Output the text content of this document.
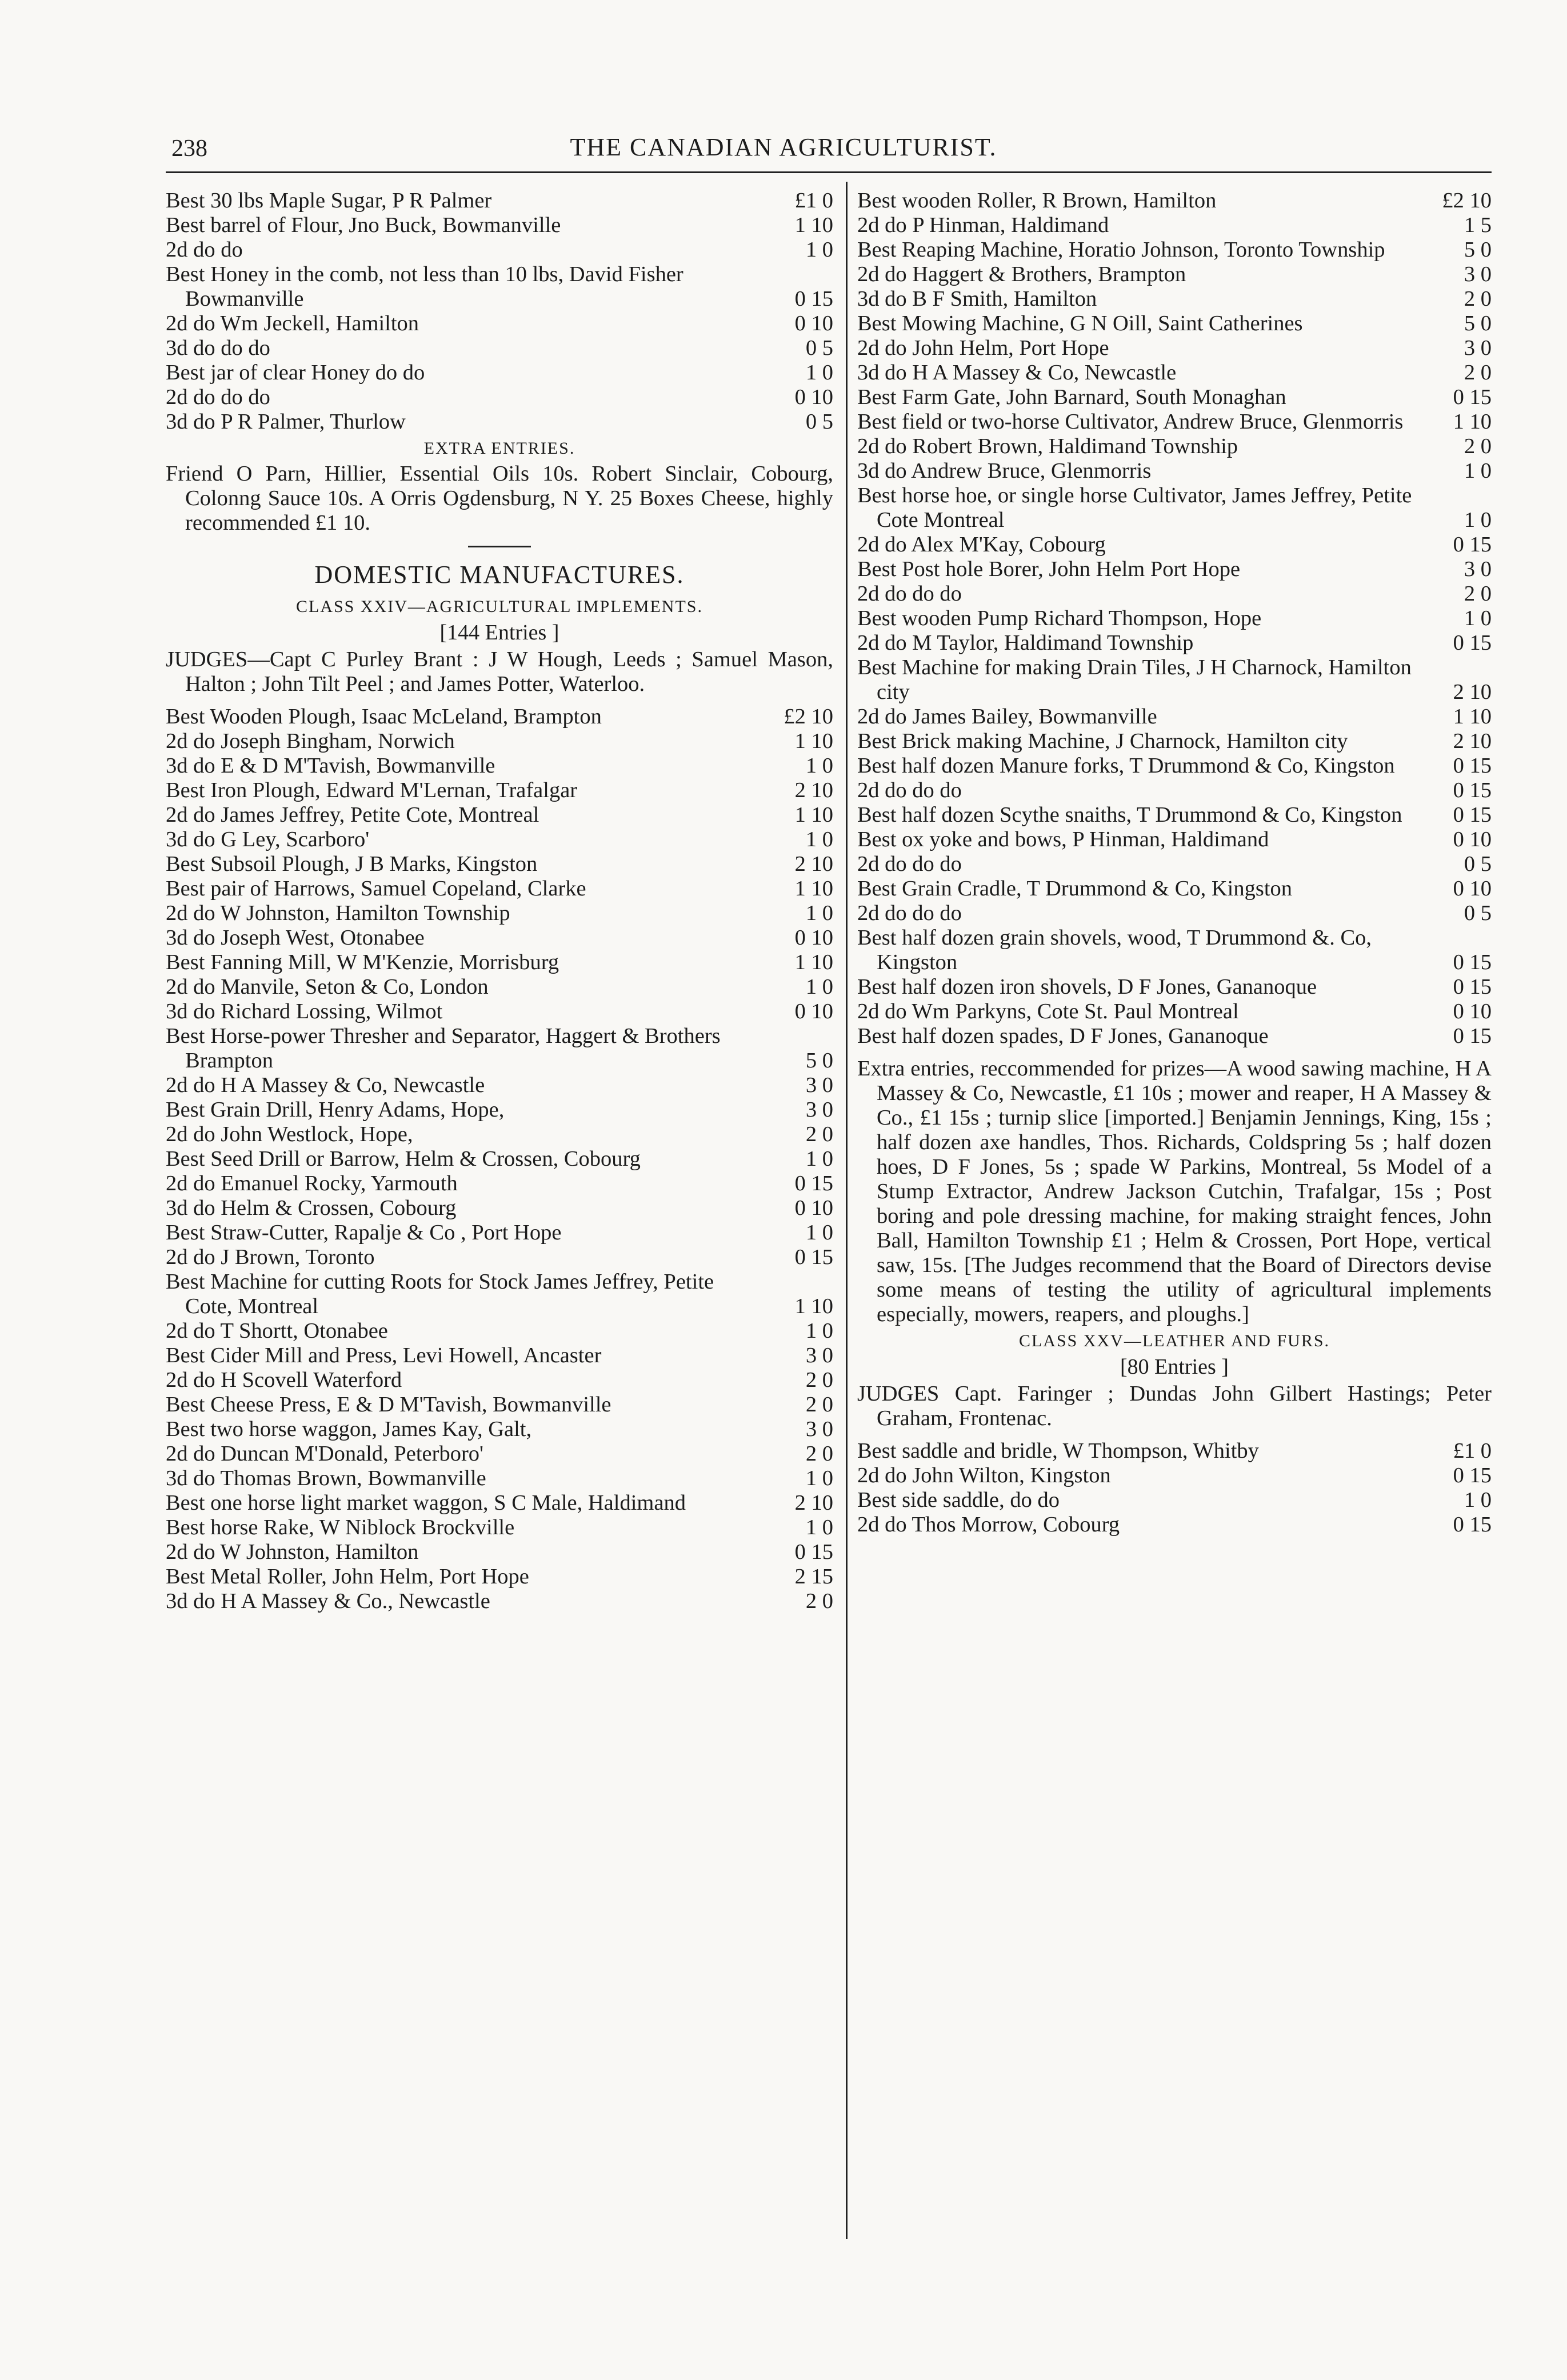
238	THE CANADIAN AGRICULTURIST.
Best 30 lbs Maple Sugar, P R Palmer	£1 0
Best barrel of Flour, Jno Buck, Bowmanville	1 10
2d do do	1 0
Best Honey in the comb, not less than 10 lbs, David Fisher Bowmanville	0 15
2d do Wm Jeckell, Hamilton	0 10
3d do do do	0 5
Best jar of clear Honey do do	1 0
2d do do do	0 10
3d do P R Palmer, Thurlow	0 5
EXTRA ENTRIES.
Friend O Parn, Hillier, Essential Oils 10s. Robert Sinclair, Cobourg, Colonng Sauce 10s. A Orris Ogdensburg, N Y. 25 Boxes Cheese, highly recommended £1 10.
DOMESTIC MANUFACTURES.
CLASS XXIV—AGRICULTURAL IMPLEMENTS.
[144 Entries ]
JUDGES—Capt C Purley Brant : J W Hough, Leeds ; Samuel Mason, Halton ; John Tilt Peel ; and James Potter, Waterloo.
Best Wooden Plough, Isaac McLeland, Brampton	£2 10
2d do Joseph Bingham, Norwich	1 10
3d do E & D M'Tavish, Bowmanville	1 0
Best Iron Plough, Edward M'Lernan, Trafalgar	2 10
2d do James Jeffrey, Petite Cote, Montreal	1 10
3d do G Ley, Scarboro'	1 0
Best Subsoil Plough, J B Marks, Kingston	2 10
Best pair of Harrows, Samuel Copeland, Clarke	1 10
2d do W Johnston, Hamilton Township	1 0
3d do Joseph West, Otonabee	0 10
Best Fanning Mill, W M'Kenzie, Morrisburg	1 10
2d do Manvile, Seton & Co, London	1 0
3d do Richard Lossing, Wilmot	0 10
Best Horse-power Thresher and Separator, Haggert & Brothers Brampton	5 0
2d do H A Massey & Co, Newcastle	3 0
Best Grain Drill, Henry Adams, Hope,	3 0
2d do John Westlock, Hope,	2 0
Best Seed Drill or Barrow, Helm & Crossen, Cobourg	1 0
2d do Emanuel Rocky, Yarmouth	0 15
3d do Helm & Crossen, Cobourg	0 10
Best Straw-Cutter, Rapalje & Co , Port Hope	1 0
2d do J Brown, Toronto	0 15
Best Machine for cutting Roots for Stock James Jeffrey, Petite Cote, Montreal	1 10
2d do T Shortt, Otonabee	1 0
Best Cider Mill and Press, Levi Howell, Ancaster	3 0
2d do H Scovell Waterford	2 0
Best Cheese Press, E & D M'Tavish, Bowmanville	2 0
Best two horse waggon, James Kay, Galt,	3 0
2d do Duncan M'Donald, Peterboro'	2 0
3d do Thomas Brown, Bowmanville	1 0
Best one horse light market waggon, S C Male, Haldimand	2 10
Best horse Rake, W Niblock Brockville	1 0
2d do W Johnston, Hamilton	0 15
Best Metal Roller, John Helm, Port Hope	2 15
3d do H A Massey & Co., Newcastle	2 0
Best wooden Roller, R Brown, Hamilton	£2 10
2d do P Hinman, Haldimand	1 5
Best Reaping Machine, Horatio Johnson, Toronto Township	5 0
2d do Haggert & Brothers, Brampton	3 0
3d do B F Smith, Hamilton	2 0
Best Mowing Machine, G N Oill, Saint Catherines	5 0
2d do John Helm, Port Hope	3 0
3d do H A Massey & Co, Newcastle	2 0
Best Farm Gate, John Barnard, South Monaghan	0 15
Best field or two-horse Cultivator, Andrew Bruce, Glenmorris	1 10
2d do Robert Brown, Haldimand Township	2 0
3d do Andrew Bruce, Glenmorris	1 0
Best horse hoe, or single horse Cultivator, James Jeffrey, Petite Cote Montreal	1 0
2d do Alex M'Kay, Cobourg	0 15
Best Post hole Borer, John Helm Port Hope	3 0
2d do do do	2 0
Best wooden Pump Richard Thompson, Hope	1 0
2d do M Taylor, Haldimand Township	0 15
Best Machine for making Drain Tiles, J H Charnock, Hamilton city	2 10
2d do James Bailey, Bowmanville	1 10
Best Brick making Machine, J Charnock, Hamilton city	2 10
Best half dozen Manure forks, T Drummond & Co, Kingston	0 15
2d do do do	0 15
Best half dozen Scythe snaiths, T Drummond & Co, Kingston	0 15
Best ox yoke and bows, P Hinman, Haldimand	0 10
2d do do do	0 5
Best Grain Cradle, T Drummond & Co, Kingston	0 10
2d do do do	0 5
Best half dozen grain shovels, wood, T Drummond &. Co, Kingston	0 15
Best half dozen iron shovels, D F Jones, Gananoque	0 15
2d do Wm Parkyns, Cote St. Paul Montreal	0 10
Best half dozen spades, D F Jones, Gananoque	0 15
Extra entries, reccommended for prizes—A wood sawing machine, H A Massey & Co, Newcastle, £1 10s ; mower and reaper, H A Massey & Co., £1 15s ; turnip slice [imported.] Benjamin Jennings, King, 15s ; half dozen axe handles, Thos. Richards, Coldspring 5s ; half dozen hoes, D F Jones, 5s ; spade W Parkins, Montreal, 5s Model of a Stump Extractor, Andrew Jackson Cutchin, Trafalgar, 15s ; Post boring and pole dressing machine, for making straight fences, John Ball, Hamilton Township £1 ; Helm & Crossen, Port Hope, vertical saw, 15s. [The Judges recommend that the Board of Directors devise some means of testing the utility of agricultural implements especially, mowers, reapers, and ploughs.]
CLASS XXV—LEATHER AND FURS.
[80 Entries ]
JUDGES Capt. Faringer ; Dundas John Gilbert Hastings; Peter Graham, Frontenac.
Best saddle and bridle, W Thompson, Whitby	£1 0
2d do John Wilton, Kingston	0 15
Best side saddle, do do	1 0
2d do Thos Morrow, Cobourg	0 15
